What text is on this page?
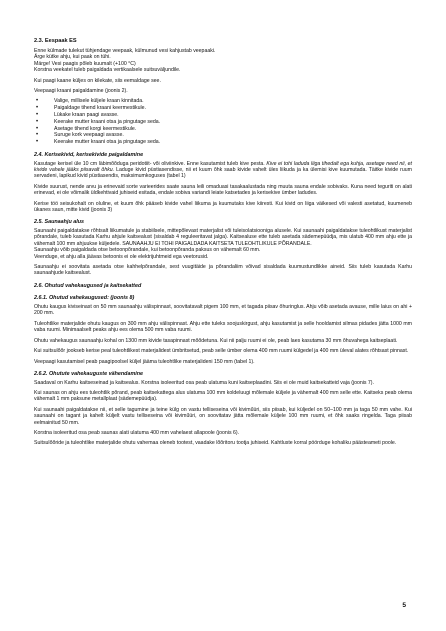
2.3. Eespaak ES

Enne külmade tulekut tühjendage veepaak, külmunud vesi kahjustab veepaaki.
Ärge kütke ahju, kui paak on tühi.
Märge! Vesi paagis põleb kuumalt (+100 °C)
Korstna veekatel tuleb paigaldada vertikaalsele suitsuväljundile.

Kui paagi kaane küljes on kilekate, siis eemaldage see.

Veepaagi kraani paigaldamine (joonis 2).

• Valige, millisele küljele kraan kinnitada.
• Paigaldage tihend kraani keermestikule.
• Lükake kraan paagi avasse.
• Keerake mutter kraani otsa ja pingutage seda.
• Asetage tihend korgi keermestikule.
• Suruge kork veepaagi avasse.
• Keerake mutter kraani otsa ja pingutage seda.
2.4. Kerisekivid, kerisekivide paigaldamine

Kasutage kerisel üle 10 cm läbimõõduga peridotiit- või oliviinkive. Enne kasutamist tuleb kive pesta. Kive ei tohi laduda liiga tihedalt ega kuhja, asetage need nii, et kivide vahele jääks piisavalt õhku. Laduge kivid püstiasendisse, nii et kuum õhk saab kivide vahelt üles liikuda ja ka ülemisi kive kuumutada. Täitke kivide ruum servadeni, lapikud kivid püstiasendis, maksimumkoguses (tabel 1)

Kivide suurust, nende arvu ja erinevaid sorte varieerides saate sauna leili omaduasi tasakaalustada ning muuta sauna endale sobivaks. Kuna need teguriti on alati erinevad, ei ole võimalik üldkehtivaid juhiseid esitada, endale sobiva variandi leiate katsetades ja kerisekive ümber ladudes.

Kerise töö seisukohalt on oluline, et kuum õhk pääseb kivide vahel liikuma ja kuumutaks kive kiiresti. Kui kivid on liiga väikesed või valesti asetatud, kuumeneb ükanes saun, mitte kivid (joonis 3)

2.5. Saunaahju alus

Saunaahi paigaldatakse rõhtsalt liikumatule ja stabiilsele, mittepõlevast materjalist või tuleisolatsiooniga alusele. Kui saunaahi paigaldatakse tuleohtlikust materjalist põrandale, tuleb kasutada Karhu ahjule kaitsealust (sisaldab 4 reguleeritavat jalga). Kaitsealuse ette tuleb asetada sädemepüüdja, mis ulatub 400 mm ahju ette ja vähemalt 100 mm ahjuukse küljedele. SAUNAAHJU EI TOHI PAIGALDADA KAITSETA TULEOHTLIKULE PÕRANDALE.
Saunaahju võib paigaldada otse betoonpõrandale, kui betoonpõranda paksus on vähemalt 60 mm.
Veenduge, et ahju alla jäävas betoonis ei ole elektrijuhtmeid ega veetorusid.

Saunaahju ei soovitata asetada otse kahhelpõrandale, sest vuugitäide ja põrandaliim võivad sisaldada kuumustundlikke aineid. Siis tuleb kasutada Karhu saunaahjude kaitsealust.

2.6. Ohutud vahekaugused ja kaitsekatted
2.6.1. Ohutud vahekaugused: (joonis 8)

Ohutu kaugus kiviseinast on 50 mm saunaahju välispinnast, soovitatavalt pigem 100 mm, et tagada piisav õhuringlus. Ahju võib asetada avause, mille laius on ahi + 200 mm.

Tuleohtlike materjalide ohutu kaugus on 300 mm ahju välispinnast. Ahju ette tuleks soojuskirgust, ahju kasutamist ja selle hooldamist silmas pidades jätta 1000 mm vaba ruumi. Minimaalselt peaks ahju ees olema 500 mm vaba ruumi.

Ohutu vahekaugus saunaahju kohal on 1300 mm kivide tasapinnast mõõdetuna. Kui nii palju ruumi ei ole, peab laes kasutama 30 mm õhuvahega kaitseplaati.

Kui suitsulõõr jookseb kerise peal tuleohtlikest materjalidest ümbritsetud, peab selle ümber olema 400 mm ruumi külgedel ja 400 mm üleval alates rõhtsast pinnast.

Veepaagi kasutamisel peab paagipoolsel küljel jääma tuleohtlike materjalideni 150 mm (tabel 1).

2.6.2. Ohutute vahekauguste vähendamine

Saadaval on Karhu kaitseseinad ja kaitsealus. Korstna isoleeritud osa peab ulatuma kuni kaitseplaadini. Siis ei ole muid kaitsekatteid vaja (joonis 7).

Kui saunas on ahju ees tuleohtlik põrand, peab kaitsekattega alus ulatuma 100 mm koldeluugi mõlemale küljele ja vähemalt 400 mm selle ette. Kaitseks peab olema vähemalt 1 mm paksune metallplaat (sädemepüüdja).

Kui saunaahi paigaldatakse nii, et selle tagumine ja teine külg on vastu telliseseina või kiviműüri, siis piisab, kui küljedel on 50–100 mm ja taga 50 mm vahe. Kui saunaahi on tagant ja kahelt küljelt vastu telliseseina või kiviműüri, on soovitatav jätta mõlemale küljele 100 mm ruumi, et õhk saaks ringelda. Taga piisab eelmainitud 50 mm.

Korstna isoleeritud osa peab saunas alati ulatuma 400 mm vahelaest allapoole (joonis 6).

Suitsulõõride ja tuleohtlike materjalide ohutu vahemaa oleneb tootest, vaadake lõõritoru tootja juhiseid. Kahtluste korral pöörduge kohaliku päästeameti poole.

5
